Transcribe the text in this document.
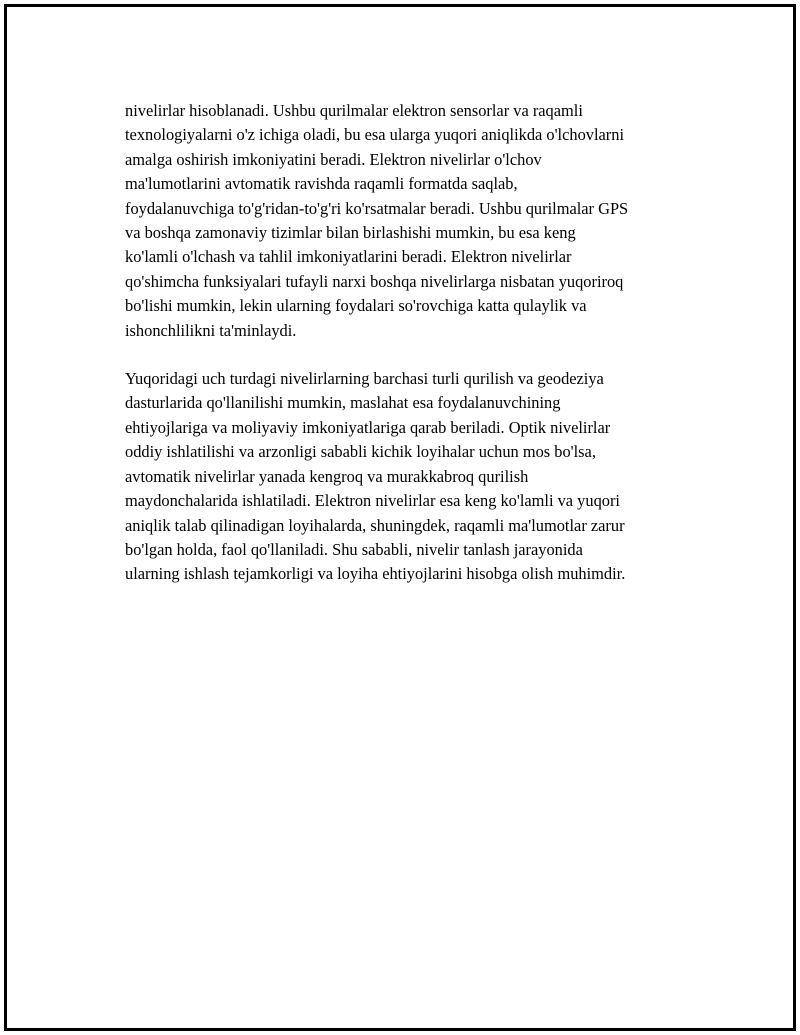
nivelirlar hisoblanadi. Ushbu qurilmalar elektron sensorlar va raqamli
texnologiyalarni o'z ichiga oladi, bu esa ularga yuqori aniqlikda o'lchovlarni
amalga oshirish imkoniyatini beradi. Elektron nivelirlar o'lchov
ma'lumotlarini avtomatik ravishda raqamli formatda saqlab,
foydalanuvchiga to'g'ridan-to'g'ri ko'rsatmalar beradi. Ushbu qurilmalar GPS
va boshqa zamonaviy tizimlar bilan birlashishi mumkin, bu esa keng
ko'lamli o'lchash va tahlil imkoniyatlarini beradi. Elektron nivelirlar
qo'shimcha funksiyalari tufayli narxi boshqa nivelirlarga nisbatan yuqoriroq
bo'lishi mumkin, lekin ularning foydalari so'rovchiga katta qulaylik va
ishonchlilikni ta'minlaydi.

Yuqoridagi uch turdagi nivelirlarning barchasi turli qurilish va geodeziya
dasturlarida qo'llanilishi mumkin, maslahat esa foydalanuvchining
ehtiyojlariga va moliyaviy imkoniyatlariga qarab beriladi. Optik nivelirlar
oddiy ishlatilishi va arzonligi sababli kichik loyihalar uchun mos bo'lsa,
avtomatik nivelirlar yanada kengroq va murakkabroq qurilish
maydonchalarida ishlatiladi. Elektron nivelirlar esa keng ko'lamli va yuqori
aniqlik talab qilinadigan loyihalarda, shuningdek, raqamli ma'lumotlar zarur
bo'lgan holda, faol qo'llaniladi. Shu sababli, nivelir tanlash jarayonida
ularning ishlash tejamkorligi va loyiha ehtiyojlarini hisobga olish muhimdir.
